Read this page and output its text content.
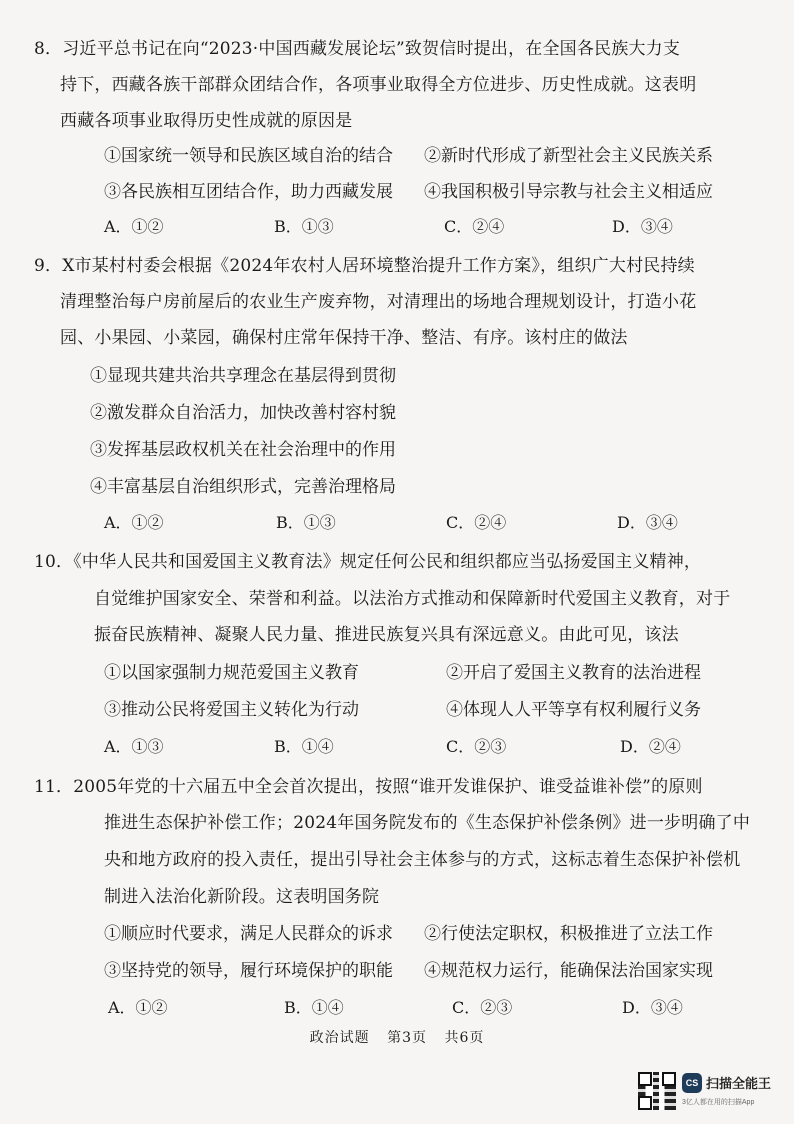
8．习近平总书记在向“2023·中国西藏发展论坛”致贺信时提出，在全国各民族大力支
持下，西藏各族干部群众团结合作，各项事业取得全方位进步、历史性成就。这表明
西藏各项事业取得历史性成就的原因是
①国家统一领导和民族区域自治的结合 ②新时代形成了新型社会主义民族关系
③各民族相互团结合作，助力西藏发展 ④我国积极引导宗教与社会主义相适应
A．①②	B．①③	C．②④	D．③④
9．X市某村村委会根据《2024年农村人居环境整治提升工作方案》，组织广大村民持续
清理整治每户房前屋后的农业生产废弃物，对清理出的场地合理规划设计，打造小花
园、小果园、小菜园，确保村庄常年保持干净、整洁、有序。该村庄的做法
①显现共建共治共享理念在基层得到贯彻
②激发群众自治活力，加快改善村容村貌
③发挥基层政权机关在社会治理中的作用
④丰富基层自治组织形式，完善治理格局
A．①②	B．①③	C．②④	D．③④
10．《中华人民共和国爱国主义教育法》规定任何公民和组织都应当弘扬爱国主义精神，
自觉维护国家安全、荣誉和利益。以法治方式推动和保障新时代爱国主义教育，对于
振奋民族精神、凝聚人民力量、推进民族复兴具有深远意义。由此可见，该法
①以国家强制力规范爱国主义教育	②开启了爱国主义教育的法治进程
③推动公民将爱国主义转化为行动	④体现人人平等享有权利履行义务
A．①③	B．①④	C．②③	D．②④
11．2005年党的十六届五中全会首次提出，按照“谁开发谁保护、谁受益谁补偿”的原则
推进生态保护补偿工作；2024年国务院发布的《生态保护补偿条例》进一步明确了中
央和地方政府的投入责任，提出引导社会主体参与的方式，这标志着生态保护补偿机
制进入法治化新阶段。这表明国务院
①顺应时代要求，满足人民群众的诉求 ②行使法定职权，积极推进了立法工作
③坚持党的领导，履行环境保护的职能 ④规范权力运行，能确保法治国家实现
A．①②	B．①④	C．②③	D．③④
政治试题 第3页 共6页
CS 扫描全能王
3亿人都在用的扫描App
